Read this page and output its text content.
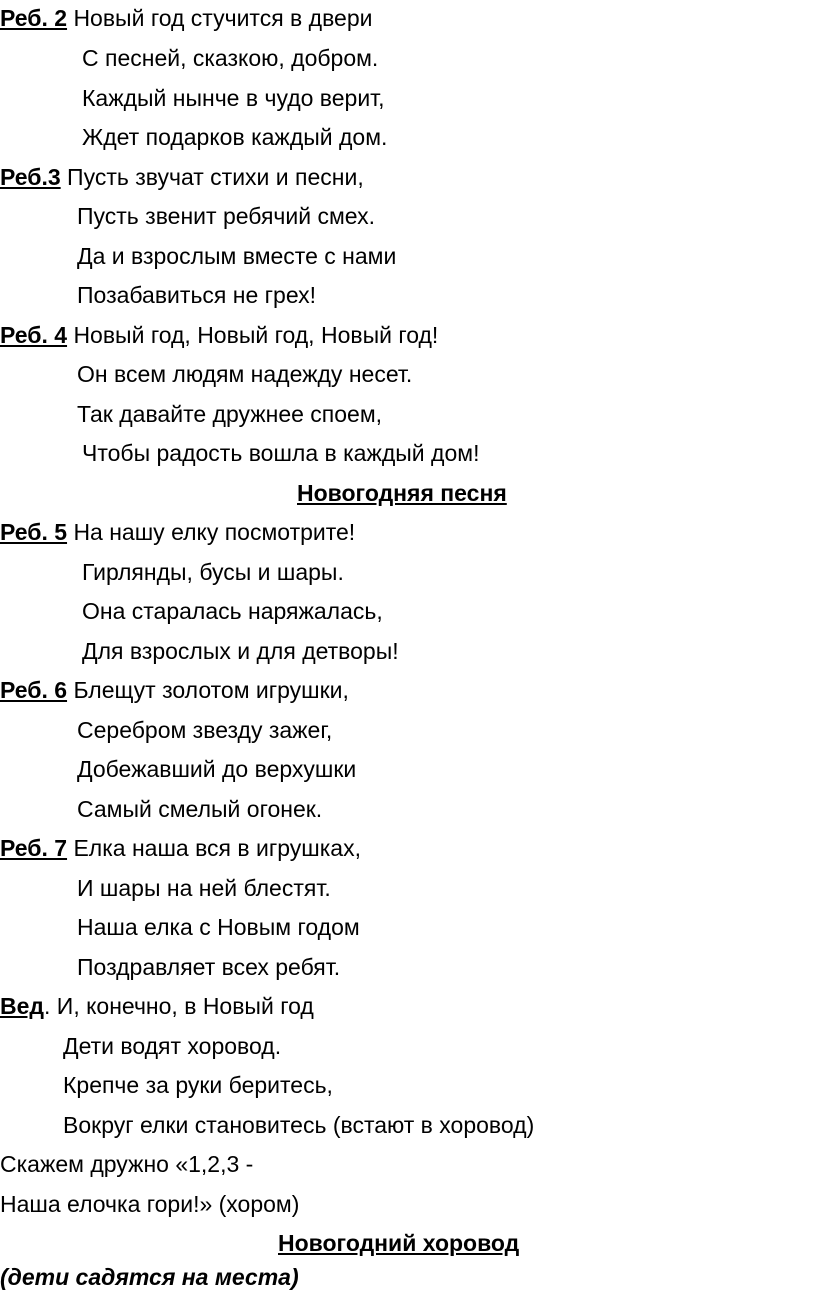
Реб. 2 Новый год стучится в двери
С песней, сказкою, добром.
Каждый нынче в чудо верит,
Ждет подарков каждый дом.
Реб.3 Пусть звучат стихи и песни,
Пусть звенит ребячий смех.
Да и взрослым вместе с нами
Позабавиться не грех!
Реб. 4 Новый год, Новый год, Новый год!
Он всем людям надежду несет.
Так давайте дружнее споем,
Чтобы радость вошла в каждый дом!
Новогодняя песня
Реб. 5 На нашу елку посмотрите!
Гирлянды, бусы и шары.
Она старалась наряжалась,
Для взрослых и для детворы!
Реб. 6 Блещут золотом игрушки,
Серебром звезду зажег,
Добежавший до верхушки
Самый смелый огонек.
Реб. 7 Елка наша вся в игрушках,
И шары на ней блестят.
Наша елка с Новым годом
Поздравляет всех ребят.
Вед. И, конечно, в Новый год
Дети водят хоровод.
Крепче за руки беритесь,
Вокруг елки становитесь (встают в хоровод)
Скажем дружно «1,2,3 -
Наша елочка гори!» (хором)
Новогодний хоровод
(дети садятся на места)
